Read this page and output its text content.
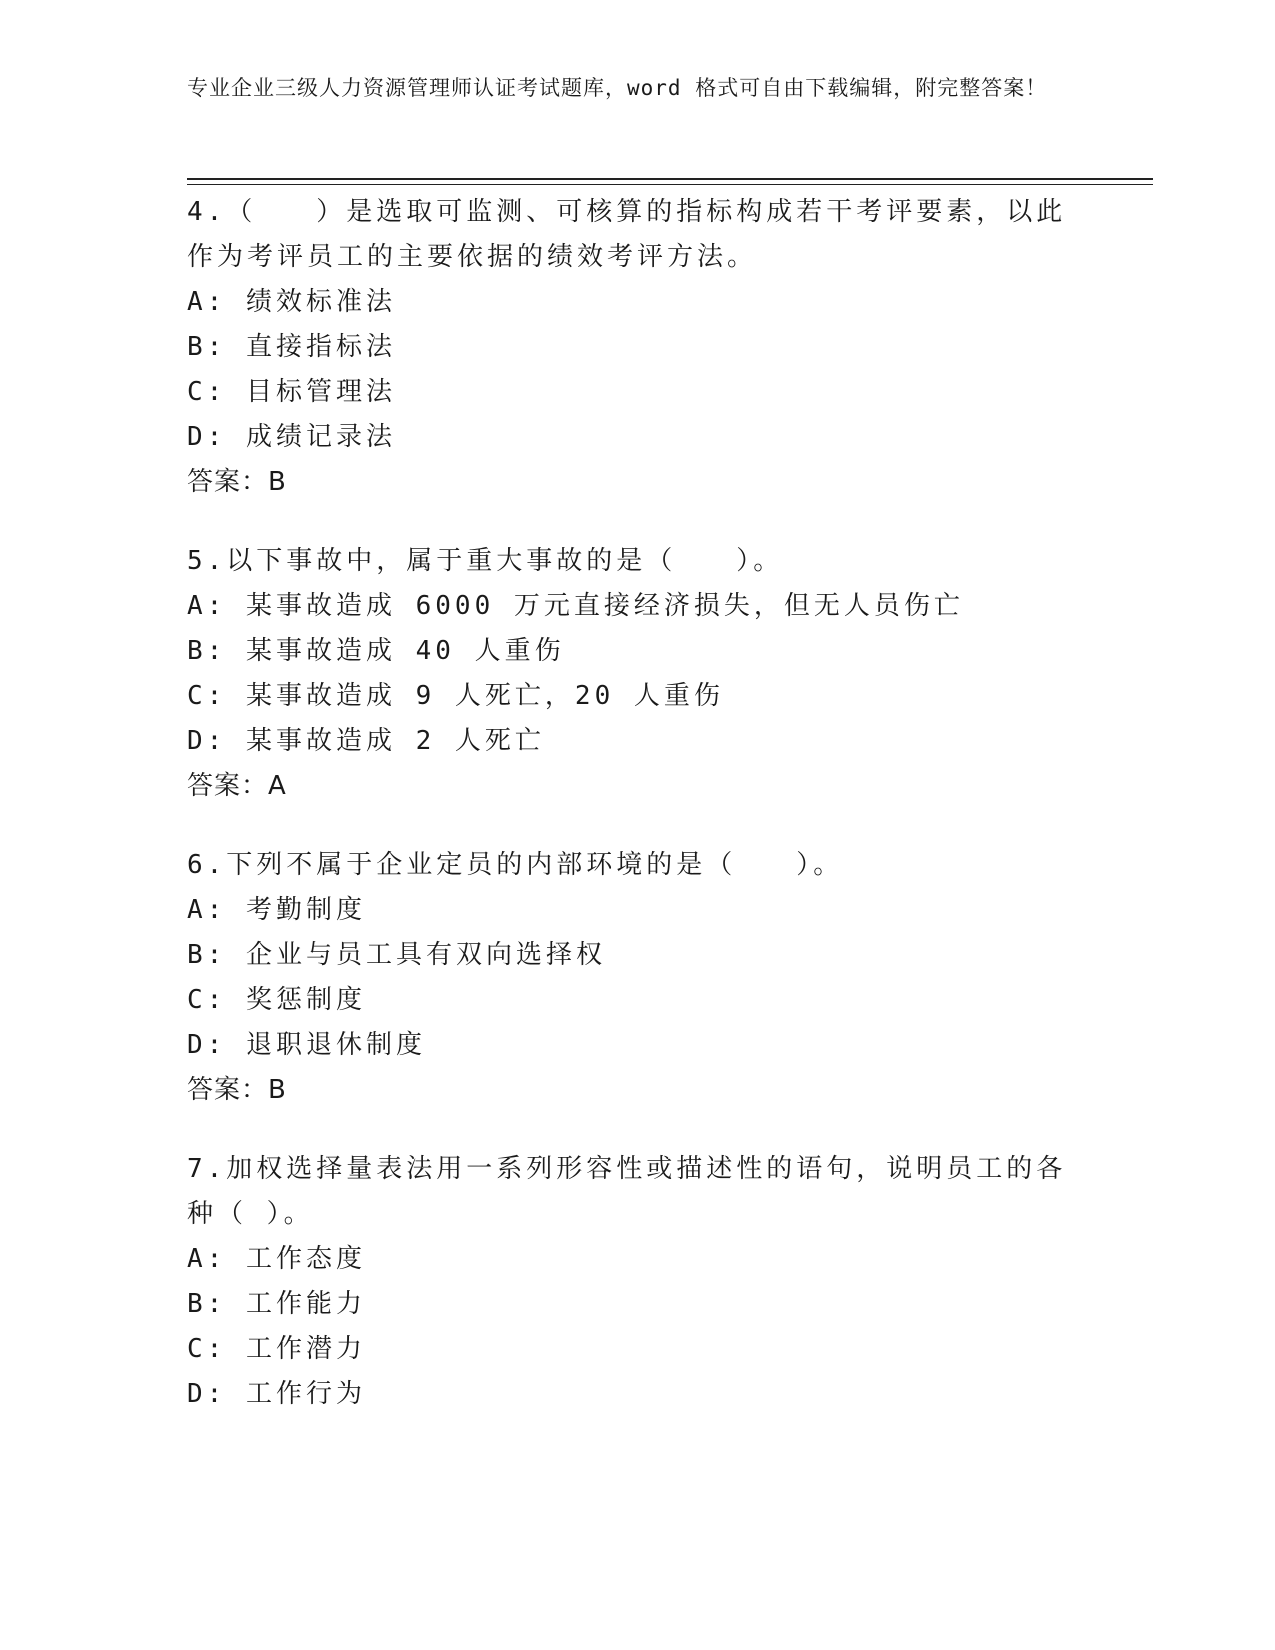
专业企业三级人力资源管理师认证考试题库，word 格式可自由下载编辑，附完整答案！
4.（　　）是选取可监测、可核算的指标构成若干考评要素，以此作为考评员工的主要依据的绩效考评方法。
A: 绩效标准法
B: 直接指标法
C: 目标管理法
D: 成绩记录法
答案：B
5.以下事故中，属于重大事故的是（　　）。
A: 某事故造成 6000 万元直接经济损失，但无人员伤亡
B: 某事故造成 40 人重伤
C: 某事故造成 9 人死亡，20 人重伤
D: 某事故造成 2 人死亡
答案：A
6.下列不属于企业定员的内部环境的是（　　）。
A: 考勤制度
B: 企业与员工具有双向选择权
C: 奖惩制度
D: 退职退休制度
答案：B
7.加权选择量表法用一系列形容性或描述性的语句，说明员工的各种（ ）。
A: 工作态度
B: 工作能力
C: 工作潜力
D: 工作行为
